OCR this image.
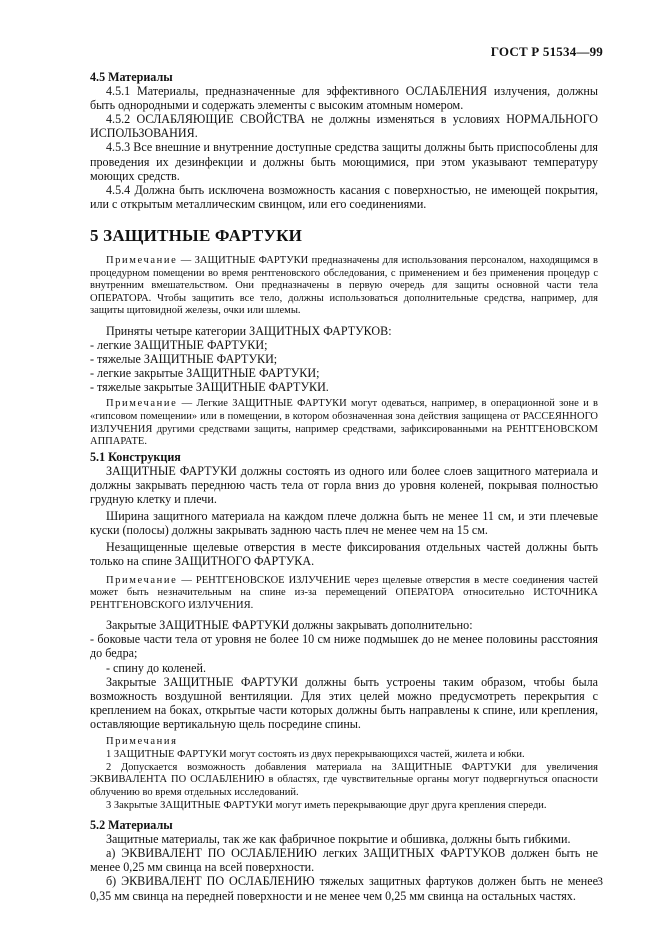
ГОСТ Р 51534—99

4.5 Материалы

4.5.1 Материалы, предназначенные для эффективного ОСЛАБЛЕНИЯ излучения, должны быть однородными и содержать элементы с высоким атомным номером.

4.5.2 ОСЛАБЛЯЮЩИЕ СВОЙСТВА не должны изменяться в условиях НОРМАЛЬНОГО ИСПОЛЬЗОВАНИЯ.

4.5.3 Все внешние и внутренние доступные средства защиты должны быть приспособлены для проведения их дезинфекции и должны быть моющимися, при этом указывают температуру моющих средств.

4.5.4 Должна быть исключена возможность касания с поверхностью, не имеющей покрытия, или с открытым металлическим свинцом, или его соединениями.

5 ЗАЩИТНЫЕ ФАРТУКИ

Примечание — ЗАЩИТНЫЕ ФАРТУКИ предназначены для использования персоналом, находящимся в процедурном помещении во время рентгеновского обследования, с применением и без применения процедур с внутренним вмешательством. Они предназначены в первую очередь для защиты основной части тела ОПЕРАТОРА. Чтобы защитить все тело, должны использоваться дополнительные средства, например, для защиты щитовидной железы, очки или шлемы.

Приняты четыре категории ЗАЩИТНЫХ ФАРТУКОВ:

- легкие ЗАЩИТНЫЕ ФАРТУКИ;

- тяжелые ЗАЩИТНЫЕ ФАРТУКИ;

- легкие закрытые ЗАЩИТНЫЕ ФАРТУКИ;

- тяжелые закрытые ЗАЩИТНЫЕ ФАРТУКИ.

Примечание — Легкие ЗАЩИТНЫЕ ФАРТУКИ могут одеваться, например, в операционной зоне и в «гипсовом помещении» или в помещении, в котором обозначенная зона действия защищена от РАССЕЯННОГО ИЗЛУЧЕНИЯ другими средствами защиты, например средствами, зафиксированными на РЕНТГЕНОВСКОМ АППАРАТЕ.

5.1 Конструкция

ЗАЩИТНЫЕ ФАРТУКИ должны состоять из одного или более слоев защитного материала и должны закрывать переднюю часть тела от горла вниз до уровня коленей, покрывая полностью грудную клетку и плечи.

Ширина защитного материала на каждом плече должна быть не менее 11 см, и эти плечевые куски (полосы) должны закрывать заднюю часть плеч не менее чем на 15 см.

Незащищенные щелевые отверстия в месте фиксирования отдельных частей должны быть только на спине ЗАЩИТНОГО ФАРТУКА.

Примечание — РЕНТГЕНОВСКОЕ ИЗЛУЧЕНИЕ через щелевые отверстия в месте соединения частей может быть незначительным на спине из-за перемещений ОПЕРАТОРА относительно ИСТОЧНИКА РЕНТГЕНОВСКОГО ИЗЛУЧЕНИЯ.

Закрытые ЗАЩИТНЫЕ ФАРТУКИ должны закрывать дополнительно:

- боковые части тела от уровня не более 10 см ниже подмышек до не менее половины расстояния до бедра;

- спину до коленей.

Закрытые ЗАЩИТНЫЕ ФАРТУКИ должны быть устроены таким образом, чтобы была возможность воздушной вентиляции. Для этих целей можно предусмотреть перекрытия с креплением на боках, открытые части которых должны быть направлены к спине, или крепления, оставляющие вертикальную щель посредине спины.

Примечания

1 ЗАЩИТНЫЕ ФАРТУКИ могут состоять из двух перекрывающихся частей, жилета и юбки.

2 Допускается возможность добавления материала на ЗАЩИТНЫЕ ФАРТУКИ для увеличения ЭКВИВАЛЕНТА ПО ОСЛАБЛЕНИЮ в областях, где чувствительные органы могут подвергнуться опасности облучению во время отдельных исследований.

3 Закрытые ЗАЩИТНЫЕ ФАРТУКИ могут иметь перекрывающие друг друга крепления спереди.

5.2 Материалы

Защитные материалы, так же как фабричное покрытие и обшивка, должны быть гибкими.

а) ЭКВИВАЛЕНТ ПО ОСЛАБЛЕНИЮ легких ЗАЩИТНЫХ ФАРТУКОВ должен быть не менее 0,25 мм свинца на всей поверхности.

б) ЭКВИВАЛЕНТ ПО ОСЛАБЛЕНИЮ тяжелых защитных фартуков должен быть не менее 0,35 мм свинца на передней поверхности и не менее чем 0,25 мм свинца на остальных частях.

3
